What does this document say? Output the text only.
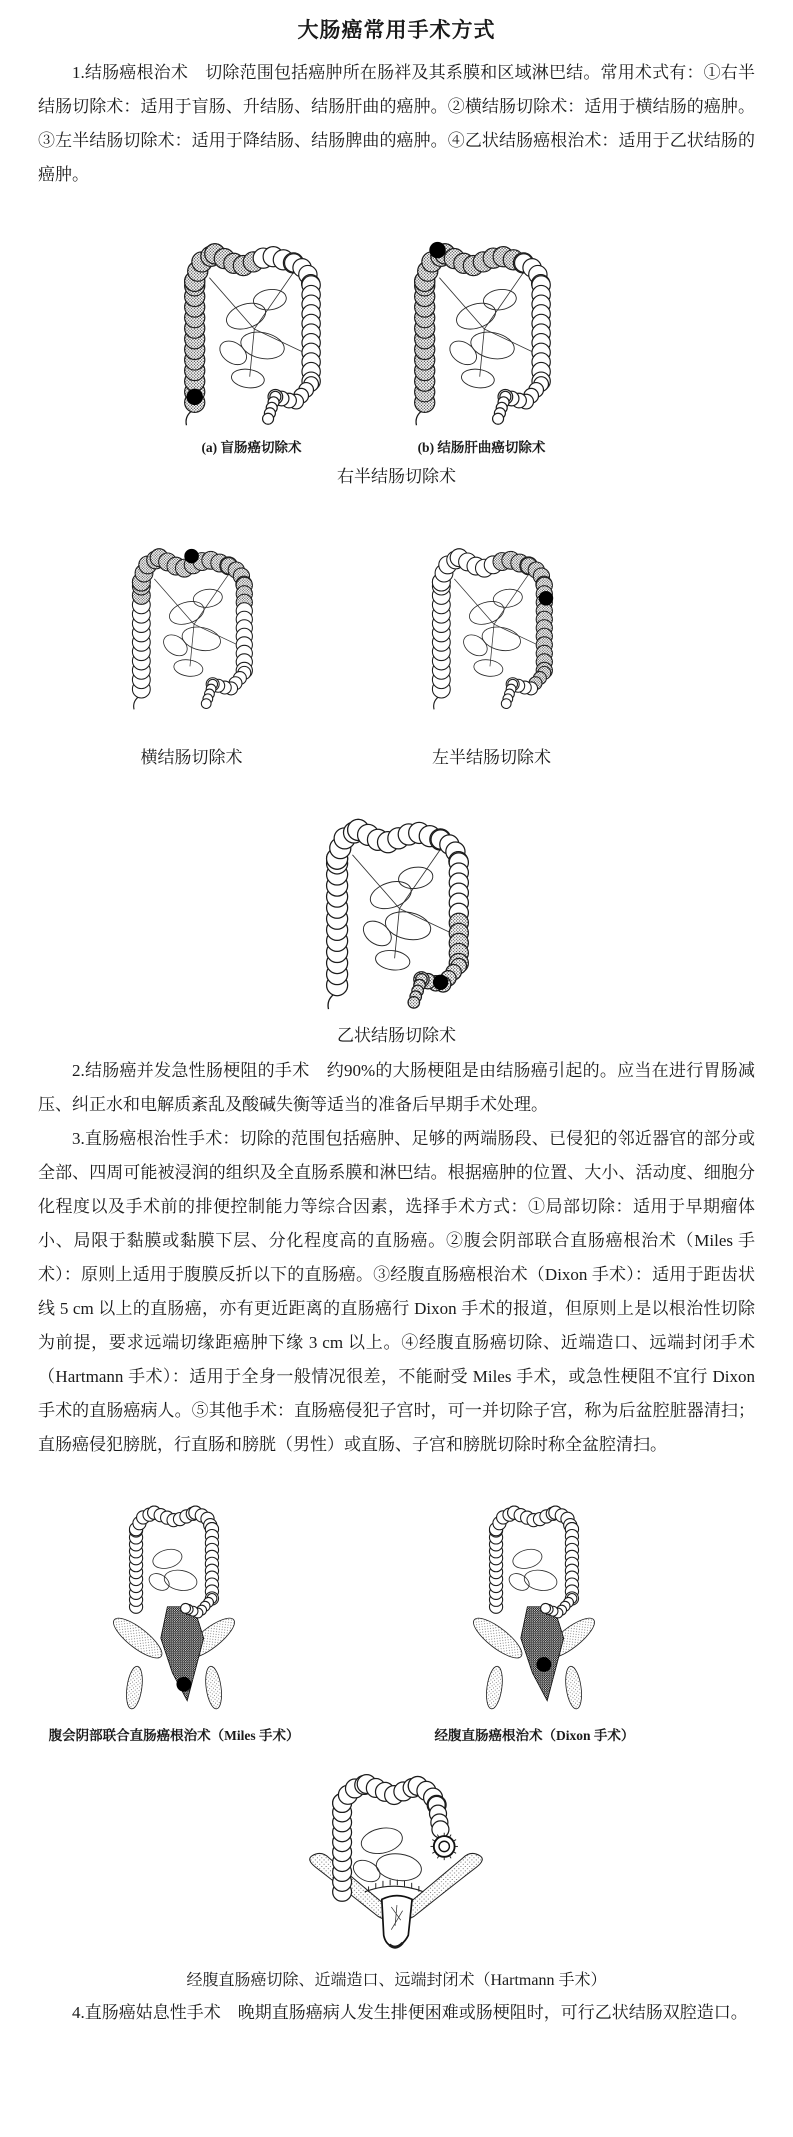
大肠癌常用手术方式

1.结肠癌根治术　切除范围包括癌肿所在肠袢及其系膜和区域淋巴结。常用术式有：①右半结肠切除术：适用于盲肠、升结肠、结肠肝曲的癌肿。②横结肠切除术：适用于横结肠的癌肿。③左半结肠切除术：适用于降结肠、结肠脾曲的癌肿。④乙状结肠癌根治术：适用于乙状结肠的癌肿。

(a) 盲肠癌切除术	(b) 结肠肝曲癌切除术
右半结肠切除术
横结肠切除术	左半结肠切除术
乙状结肠切除术

2.结肠癌并发急性肠梗阻的手术　约90%的大肠梗阻是由结肠癌引起的。应当在进行胃肠减压、纠正水和电解质紊乱及酸碱失衡等适当的准备后早期手术处理。

3.直肠癌根治性手术：切除的范围包括癌肿、足够的两端肠段、已侵犯的邻近器官的部分或全部、四周可能被浸润的组织及全直肠系膜和淋巴结。根据癌肿的位置、大小、活动度、细胞分化程度以及手术前的排便控制能力等综合因素，选择手术方式：①局部切除：适用于早期瘤体小、局限于黏膜或黏膜下层、分化程度高的直肠癌。②腹会阴部联合直肠癌根治术（Miles 手术）：原则上适用于腹膜反折以下的直肠癌。③经腹直肠癌根治术（Dixon 手术）：适用于距齿状线 5 cm 以上的直肠癌，亦有更近距离的直肠癌行 Dixon 手术的报道，但原则上是以根治性切除为前提，要求远端切缘距癌肿下缘 3 cm 以上。④经腹直肠癌切除、近端造口、远端封闭手术（Hartmann 手术）：适用于全身一般情况很差，不能耐受 Miles 手术，或急性梗阻不宜行 Dixon 手术的直肠癌病人。⑤其他手术：直肠癌侵犯子宫时，可一并切除子宫，称为后盆腔脏器清扫；直肠癌侵犯膀胱，行直肠和膀胱（男性）或直肠、子宫和膀胱切除时称全盆腔清扫。

腹会阴部联合直肠癌根治术（Miles 手术）	经腹直肠癌根治术（Dixon 手术）
经腹直肠癌切除、近端造口、远端封闭术（Hartmann 手术）

4.直肠癌姑息性手术　晚期直肠癌病人发生排便困难或肠梗阻时，可行乙状结肠双腔造口。
